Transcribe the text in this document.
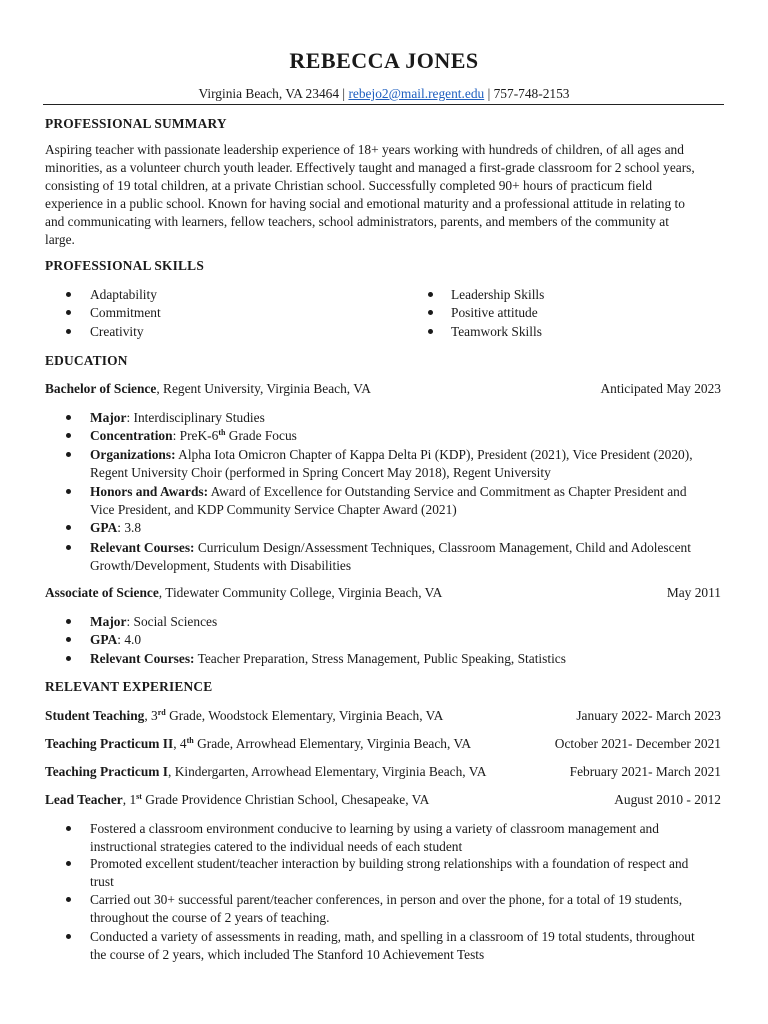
REBECCA JONES
Virginia Beach, VA 23464 | rebejo2@mail.regent.edu | 757-748-2153
PROFESSIONAL SUMMARY
Aspiring teacher with passionate leadership experience of 18+ years working with hundreds of children, of all ages and
minorities, as a volunteer church youth leader. Effectively taught and managed a first-grade classroom for 2 school years,
consisting of 19 total children, at a private Christian school. Successfully completed 90+ hours of practicum field
experience in a public school. Known for having social and emotional maturity and a professional attitude in relating to
and communicating with learners, fellow teachers, school administrators, parents, and members of the community at
large.
PROFESSIONAL SKILLS
Adaptability
Commitment
Creativity
Leadership Skills
Positive attitude
Teamwork Skills
EDUCATION
Bachelor of Science, Regent University, Virginia Beach, VA	Anticipated May 2023
Major: Interdisciplinary Studies
Concentration: PreK-6th Grade Focus
Organizations: Alpha Iota Omicron Chapter of Kappa Delta Pi (KDP), President (2021), Vice President (2020),
Regent University Choir (performed in Spring Concert May 2018), Regent University
Honors and Awards: Award of Excellence for Outstanding Service and Commitment as Chapter President and
Vice President, and KDP Community Service Chapter Award (2021)
GPA: 3.8
Relevant Courses: Curriculum Design/Assessment Techniques, Classroom Management, Child and Adolescent
Growth/Development, Students with Disabilities
Associate of Science, Tidewater Community College, Virginia Beach, VA	May 2011
Major: Social Sciences
GPA: 4.0
Relevant Courses: Teacher Preparation, Stress Management, Public Speaking, Statistics
RELEVANT EXPERIENCE
Student Teaching, 3rd Grade, Woodstock Elementary, Virginia Beach, VA	January 2022- March 2023
Teaching Practicum II, 4th Grade, Arrowhead Elementary, Virginia Beach, VA	October 2021- December 2021
Teaching Practicum I, Kindergarten, Arrowhead Elementary, Virginia Beach, VA	February 2021- March 2021
Lead Teacher, 1st Grade Providence Christian School, Chesapeake, VA	August 2010 - 2012
Fostered a classroom environment conducive to learning by using a variety of classroom management and
instructional strategies catered to the individual needs of each student
Promoted excellent student/teacher interaction by building strong relationships with a foundation of respect and
trust
Carried out 30+ successful parent/teacher conferences, in person and over the phone, for a total of 19 students,
throughout the course of 2 years of teaching.
Conducted a variety of assessments in reading, math, and spelling in a classroom of 19 total students, throughout
the course of 2 years, which included The Stanford 10 Achievement Tests
